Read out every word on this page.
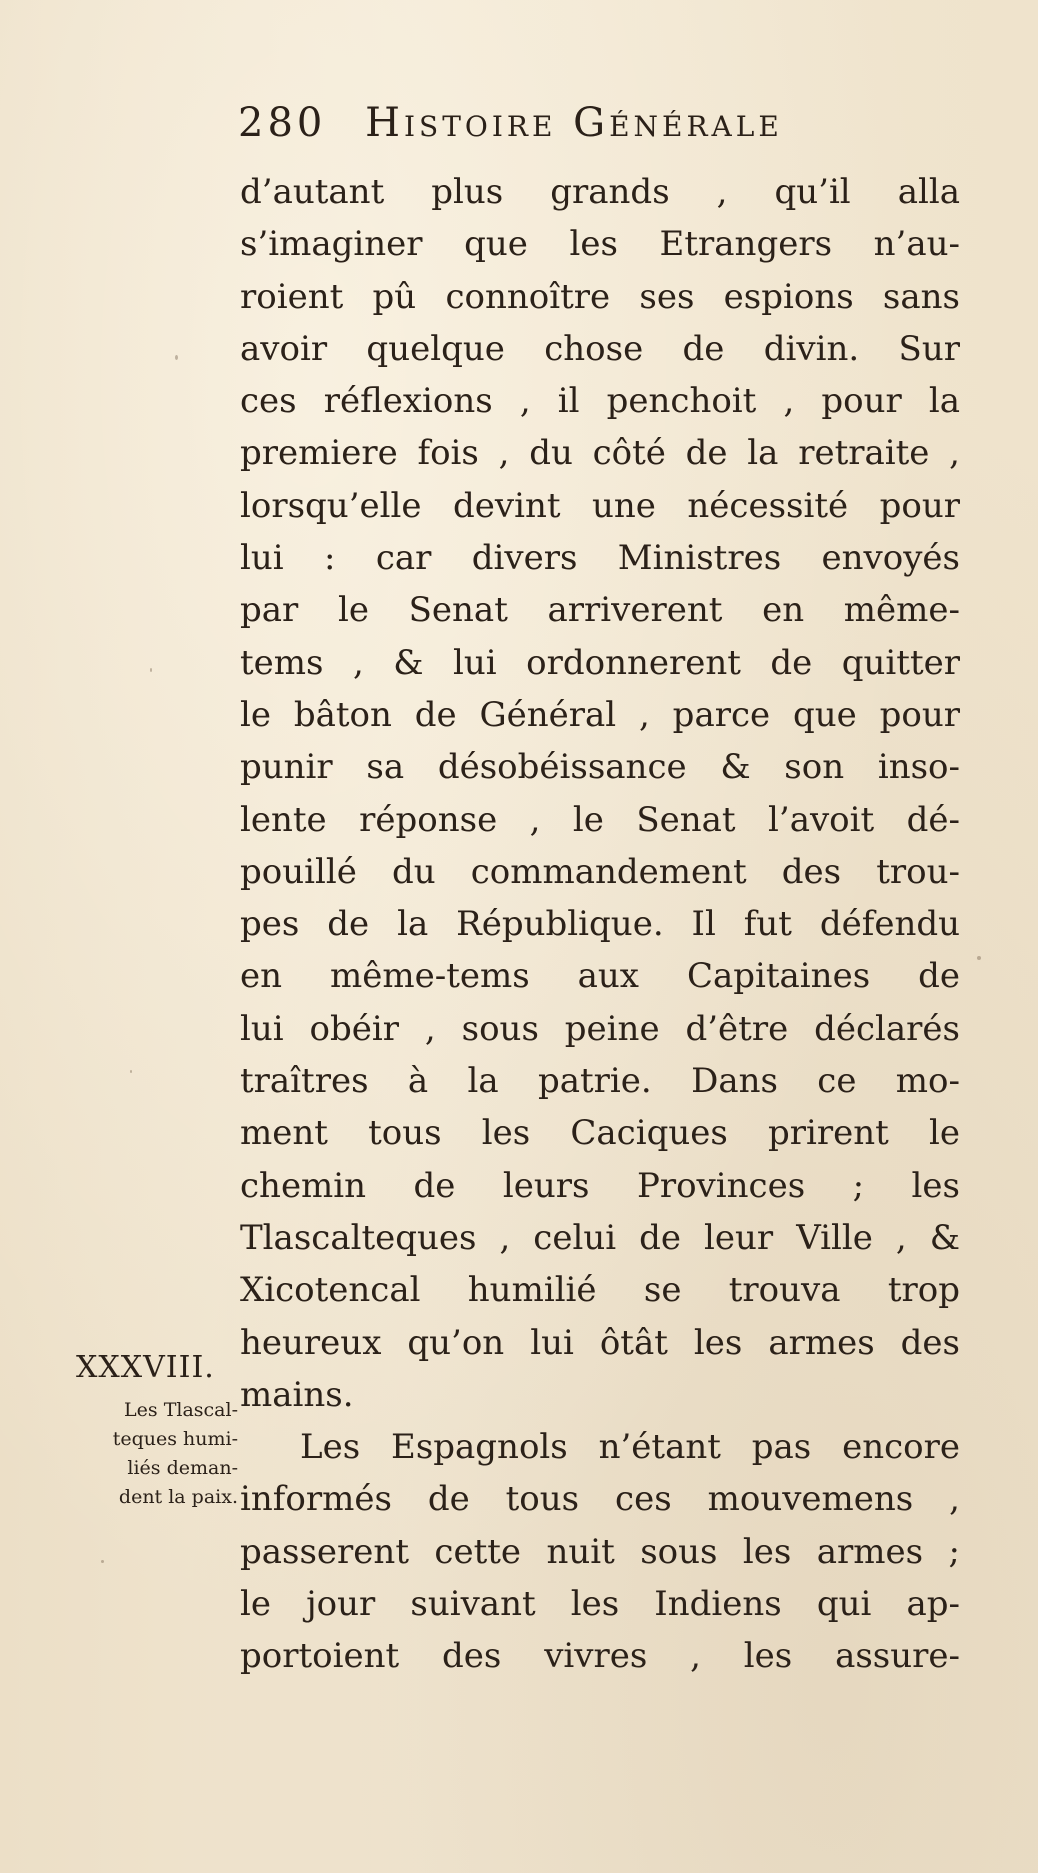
280 Histoire Générale
d’autant plus grands , qu’il alla
s’imaginer que les Etrangers n’au-
roient pû connoître ses espions sans
avoir quelque chose de divin. Sur
ces réflexions , il penchoit , pour la
premiere fois , du côté de la retraite ,
lorsqu’elle devint une nécessité pour
lui : car divers Ministres envoyés
par le Senat arriverent en même-
tems , & lui ordonnerent de quitter
le bâton de Général , parce que pour
punir sa désobéissance & son inso-
lente réponse , le Senat l’avoit dé-
pouillé du commandement des trou-
pes de la République. Il fut défendu
en même-tems aux Capitaines de
lui obéir , sous peine d’être déclarés
traîtres à la patrie. Dans ce mo-
ment tous les Caciques prirent le
chemin de leurs Provinces ; les
Tlascalteques , celui de leur Ville , &
Xicotencal humilié se trouva trop
heureux qu’on lui ôtât les armes des
mains.
Les Espagnols n’étant pas encore
informés de tous ces mouvemens ,
passerent cette nuit sous les armes ;
le jour suivant les Indiens qui ap-
portoient des vivres , les assure-
XXXVIII.
Les Tlascal-
teques humi-
liés deman-
dent la paix.
